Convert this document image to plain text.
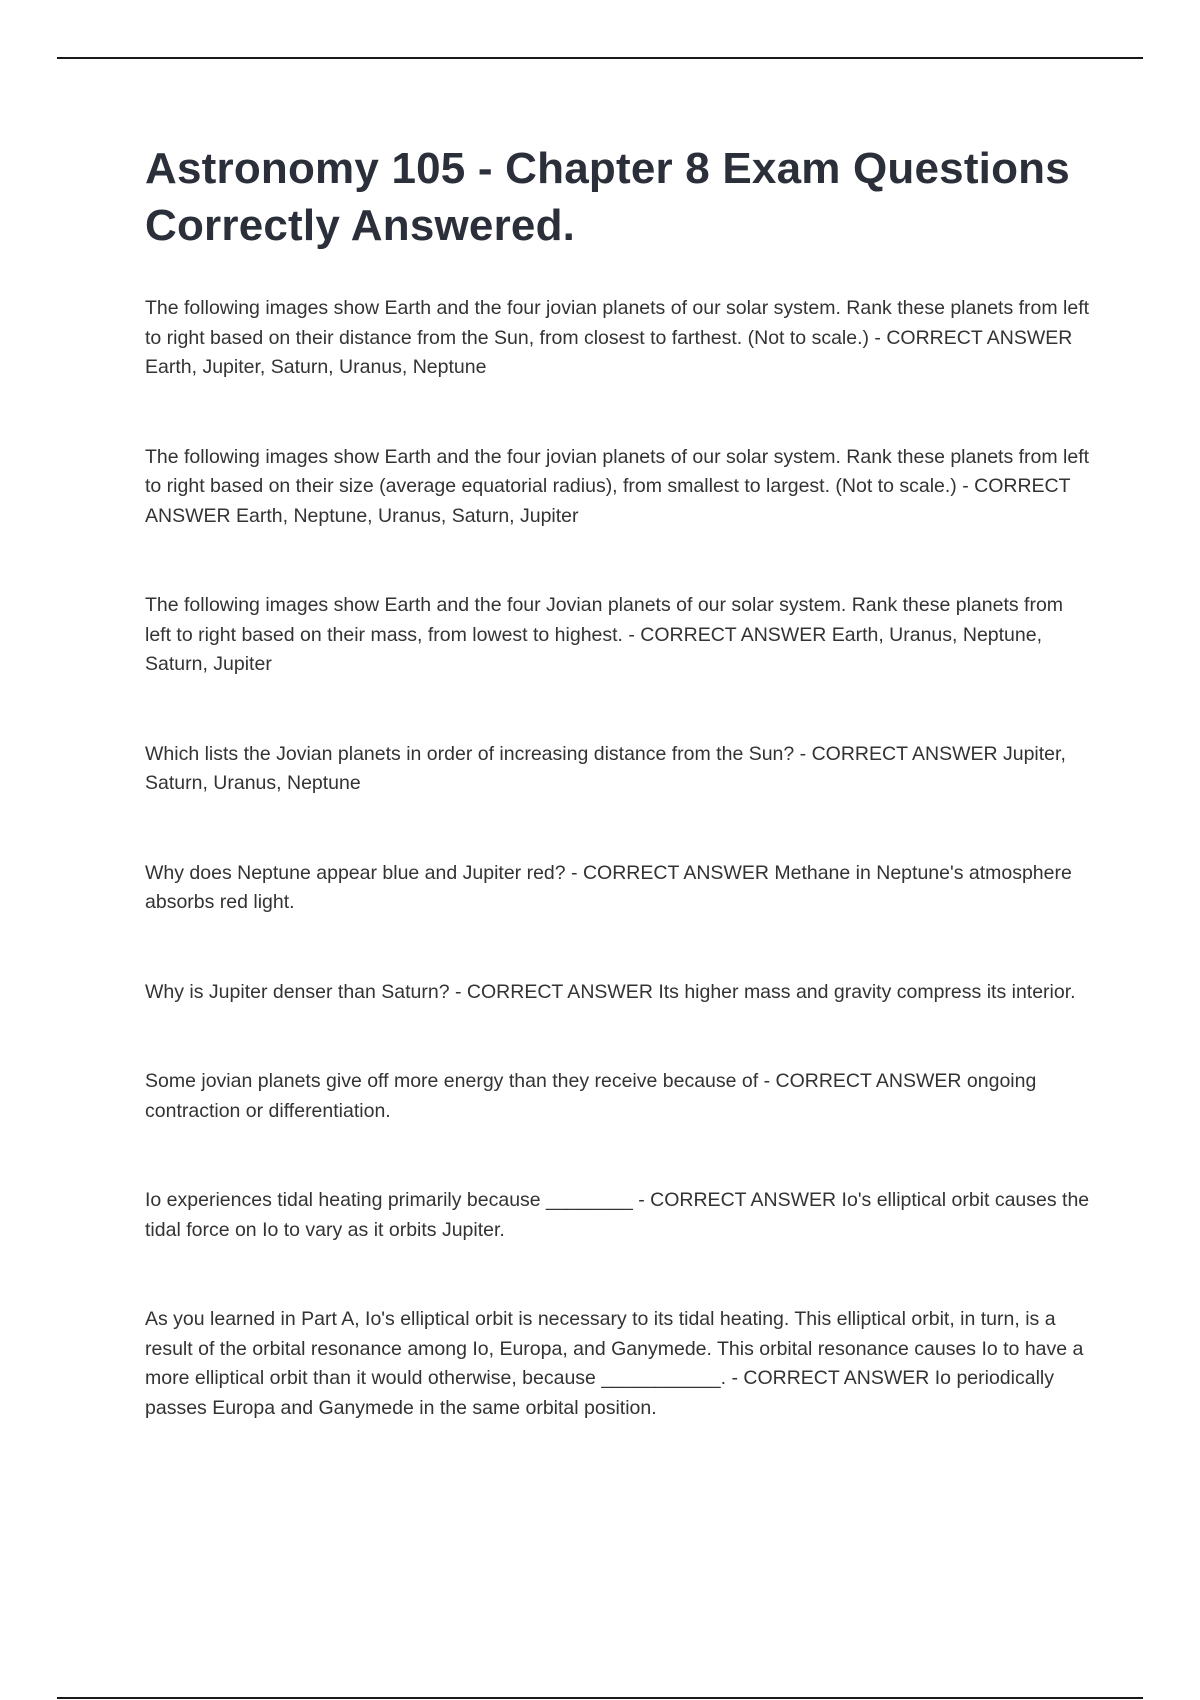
Astronomy 105 - Chapter 8 Exam Questions Correctly Answered.

The following images show Earth and the four jovian planets of our solar system. Rank these planets from left to right based on their distance from the Sun, from closest to farthest. (Not to scale.) - CORRECT ANSWER Earth, Jupiter, Saturn, Uranus, Neptune

The following images show Earth and the four jovian planets of our solar system. Rank these planets from left to right based on their size (average equatorial radius), from smallest to largest. (Not to scale.) - CORRECT ANSWER Earth, Neptune, Uranus, Saturn, Jupiter

The following images show Earth and the four Jovian planets of our solar system. Rank these planets from left to right based on their mass, from lowest to highest. - CORRECT ANSWER Earth, Uranus, Neptune, Saturn, Jupiter

Which lists the Jovian planets in order of increasing distance from the Sun? - CORRECT ANSWER Jupiter, Saturn, Uranus, Neptune

Why does Neptune appear blue and Jupiter red? - CORRECT ANSWER Methane in Neptune's atmosphere absorbs red light.

Why is Jupiter denser than Saturn? - CORRECT ANSWER Its higher mass and gravity compress its interior.

Some jovian planets give off more energy than they receive because of - CORRECT ANSWER ongoing contraction or differentiation.

Io experiences tidal heating primarily because ________ - CORRECT ANSWER Io's elliptical orbit causes the tidal force on Io to vary as it orbits Jupiter.

As you learned in Part A, Io's elliptical orbit is necessary to its tidal heating. This elliptical orbit, in turn, is a result of the orbital resonance among Io, Europa, and Ganymede. This orbital resonance causes Io to have a more elliptical orbit than it would otherwise, because ___________. - CORRECT ANSWER Io periodically passes Europa and Ganymede in the same orbital position.
